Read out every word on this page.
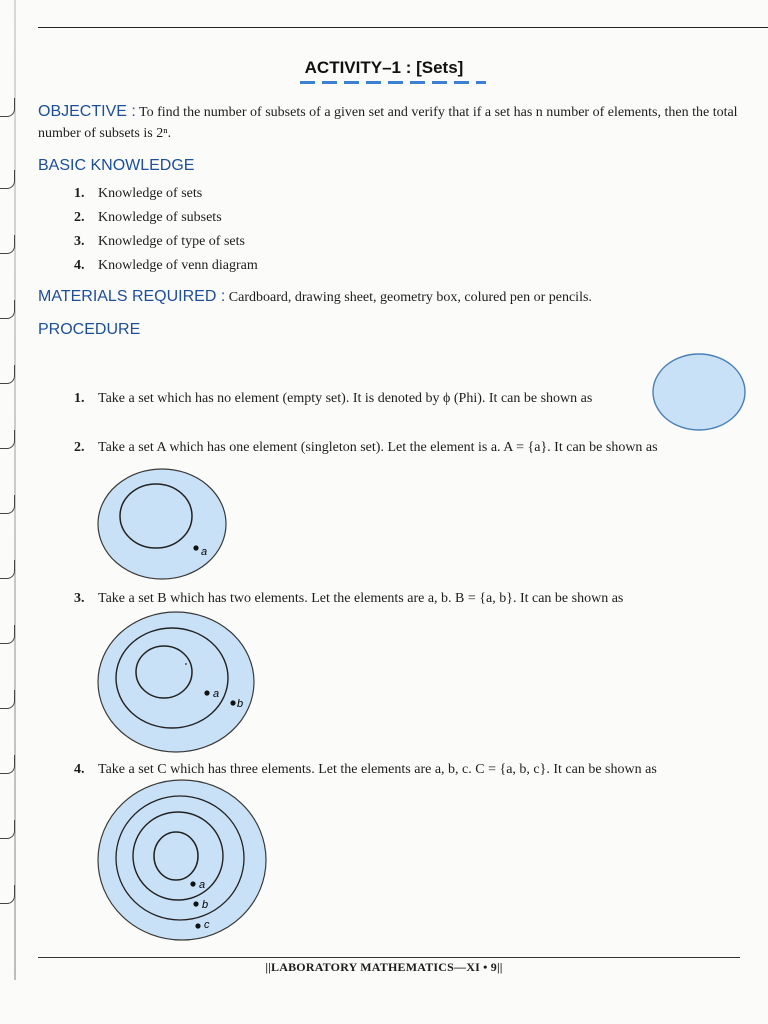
ACTIVITY–1 : [Sets]
OBJECTIVE : To find the number of subsets of a given set and verify that if a set has n number of elements, then the total number of subsets is 2ⁿ.
BASIC KNOWLEDGE
1. Knowledge of sets
2. Knowledge of subsets
3. Knowledge of type of sets
4. Knowledge of venn diagram
MATERIALS REQUIRED : Cardboard, drawing sheet, geometry box, colured pen or pencils.
PROCEDURE
1. Take a set which has no element (empty set). It is denoted by ϕ (Phi). It can be shown as
2. Take a set A which has one element (singleton set). Let the element is a. A = {a}. It can be shown as
a
3. Take a set B which has two elements. Let the elements are a, b. B = {a, b}. It can be shown as
a
b
4. Take a set C which has three elements. Let the elements are a, b, c. C = {a, b, c}. It can be shown as
a
b
c
||LABORATORY MATHEMATICS—XI • 9||
